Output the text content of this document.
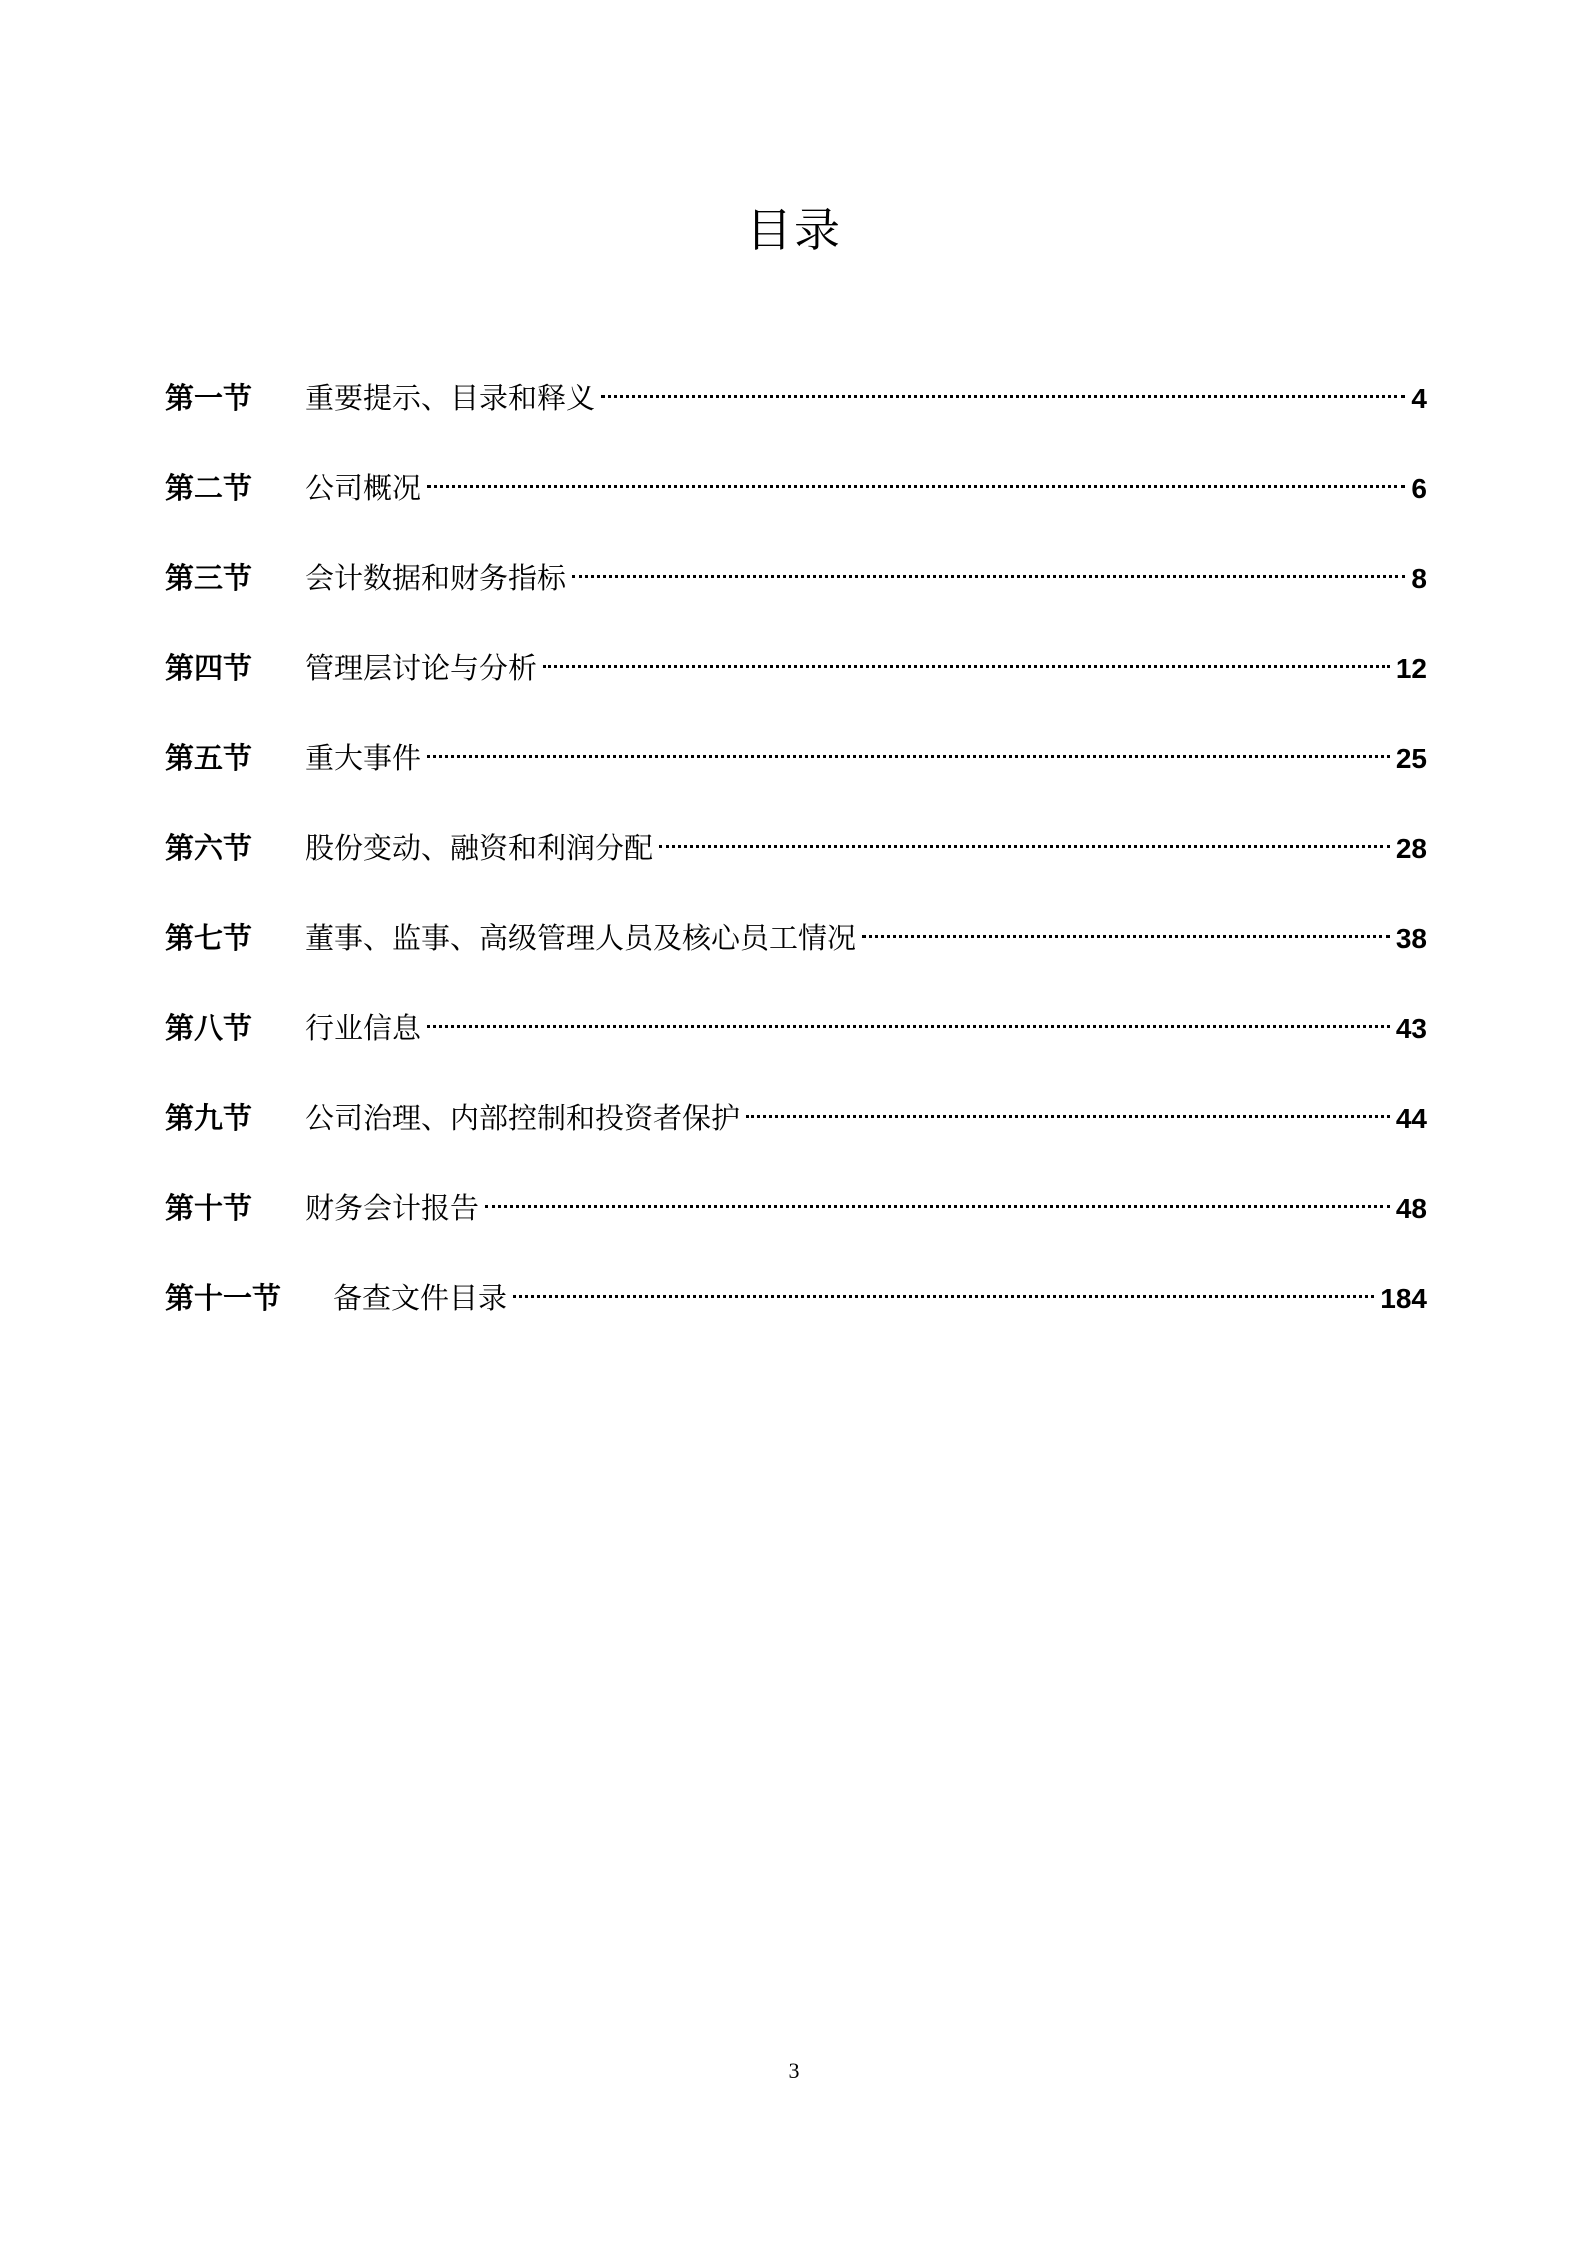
目录
第一节	重要提示、目录和释义	4
第二节	公司概况	6
第三节	会计数据和财务指标	8
第四节	管理层讨论与分析	12
第五节	重大事件	25
第六节	股份变动、融资和利润分配	28
第七节	董事、监事、高级管理人员及核心员工情况	38
第八节	行业信息	43
第九节	公司治理、内部控制和投资者保护	44
第十节	财务会计报告	48
第十一节	备查文件目录	184
3
